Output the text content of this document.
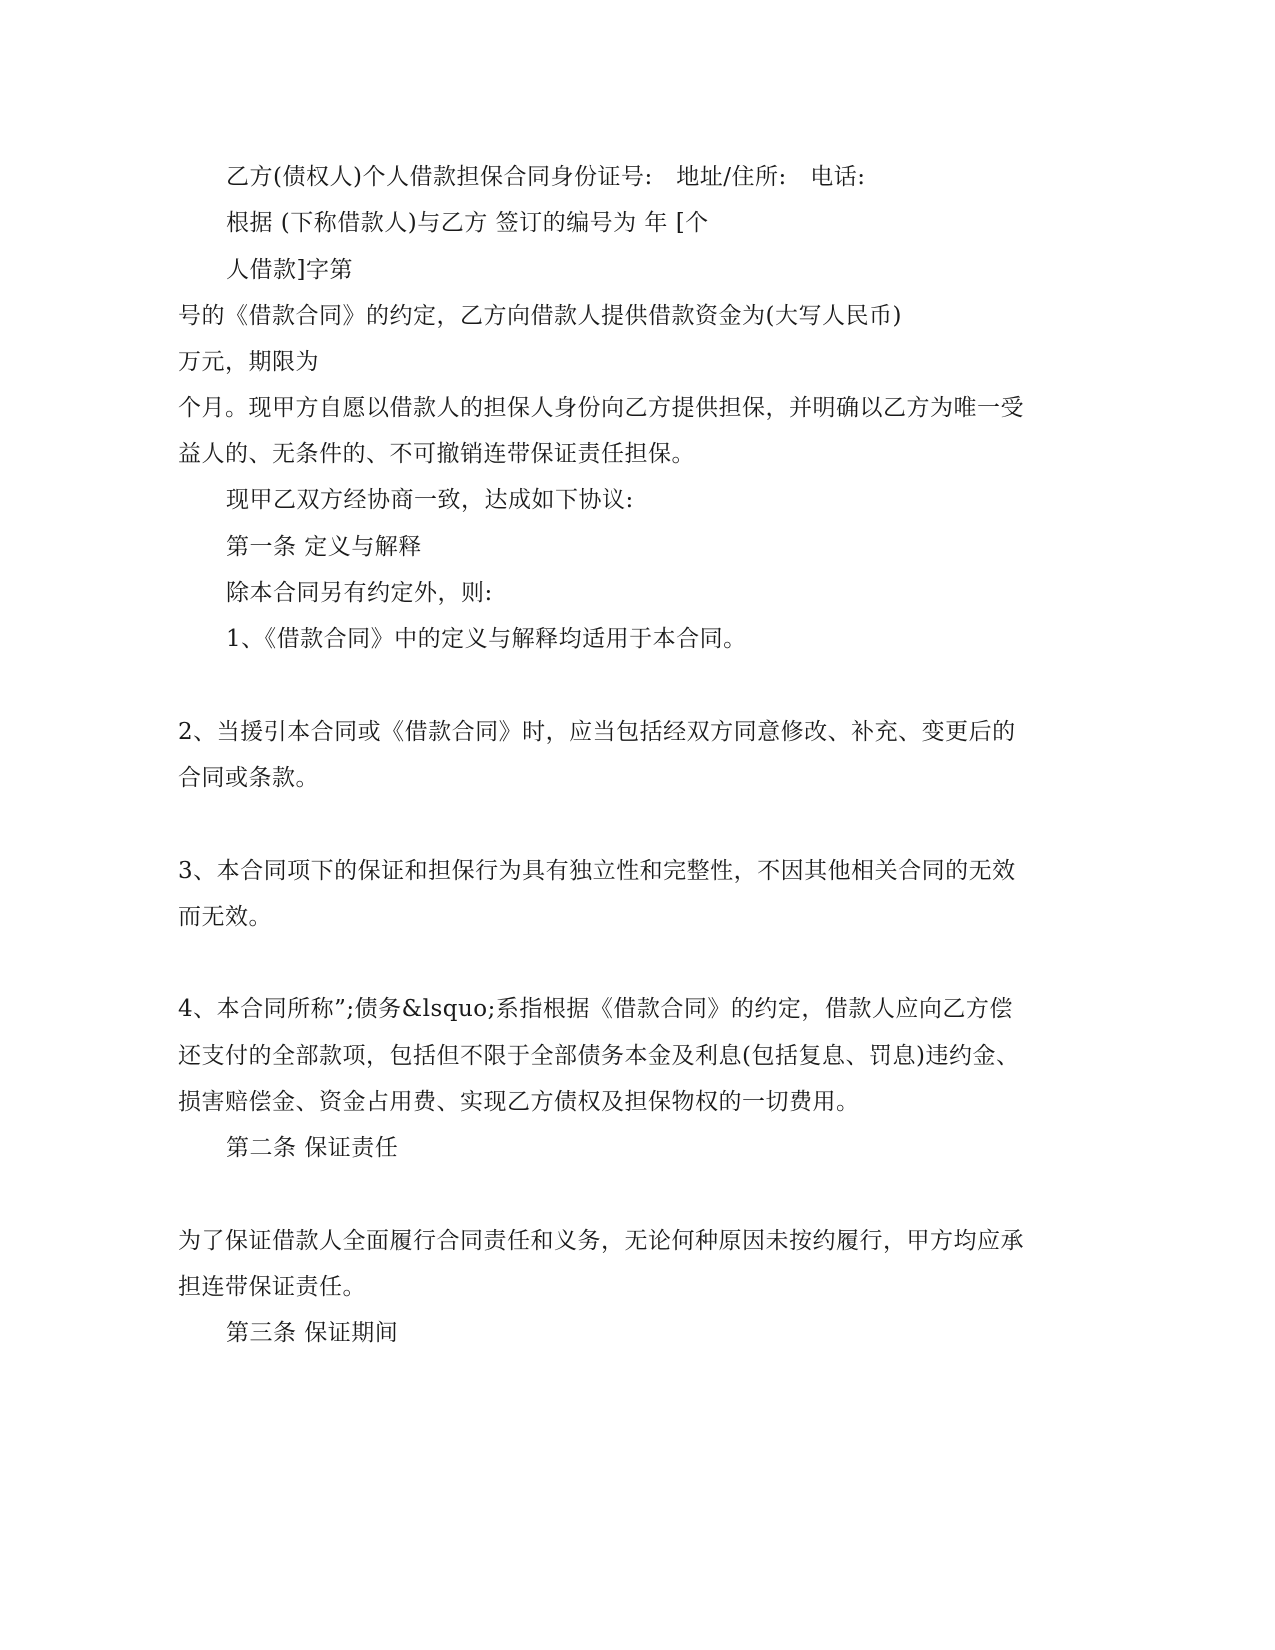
乙方(债权人)个人借款担保合同身份证号:　地址/住所:　电话:
根据 (下称借款人)与乙方 签订的编号为 年 [个
人借款]字第
号的《借款合同》的约定，乙方向借款人提供借款资金为(大写人民币)
万元，期限为
个月。现甲方自愿以借款人的担保人身份向乙方提供担保，并明确以乙方为唯一受
益人的、无条件的、不可撤销连带保证责任担保。
现甲乙双方经协商一致，达成如下协议:
第一条 定义与解释
除本合同另有约定外，则:
1、《借款合同》中的定义与解释均适用于本合同。
2、当援引本合同或《借款合同》时，应当包括经双方同意修改、补充、变更后的
合同或条款。
3、本合同项下的保证和担保行为具有独立性和完整性，不因其他相关合同的无效
而无效。
4、本合同所称”;债务&lsquo;系指根据《借款合同》的约定，借款人应向乙方偿
还支付的全部款项，包括但不限于全部债务本金及利息(包括复息、罚息)违约金、
损害赔偿金、资金占用费、实现乙方债权及担保物权的一切费用。
第二条 保证责任
为了保证借款人全面履行合同责任和义务，无论何种原因未按约履行，甲方均应承
担连带保证责任。
第三条 保证期间
